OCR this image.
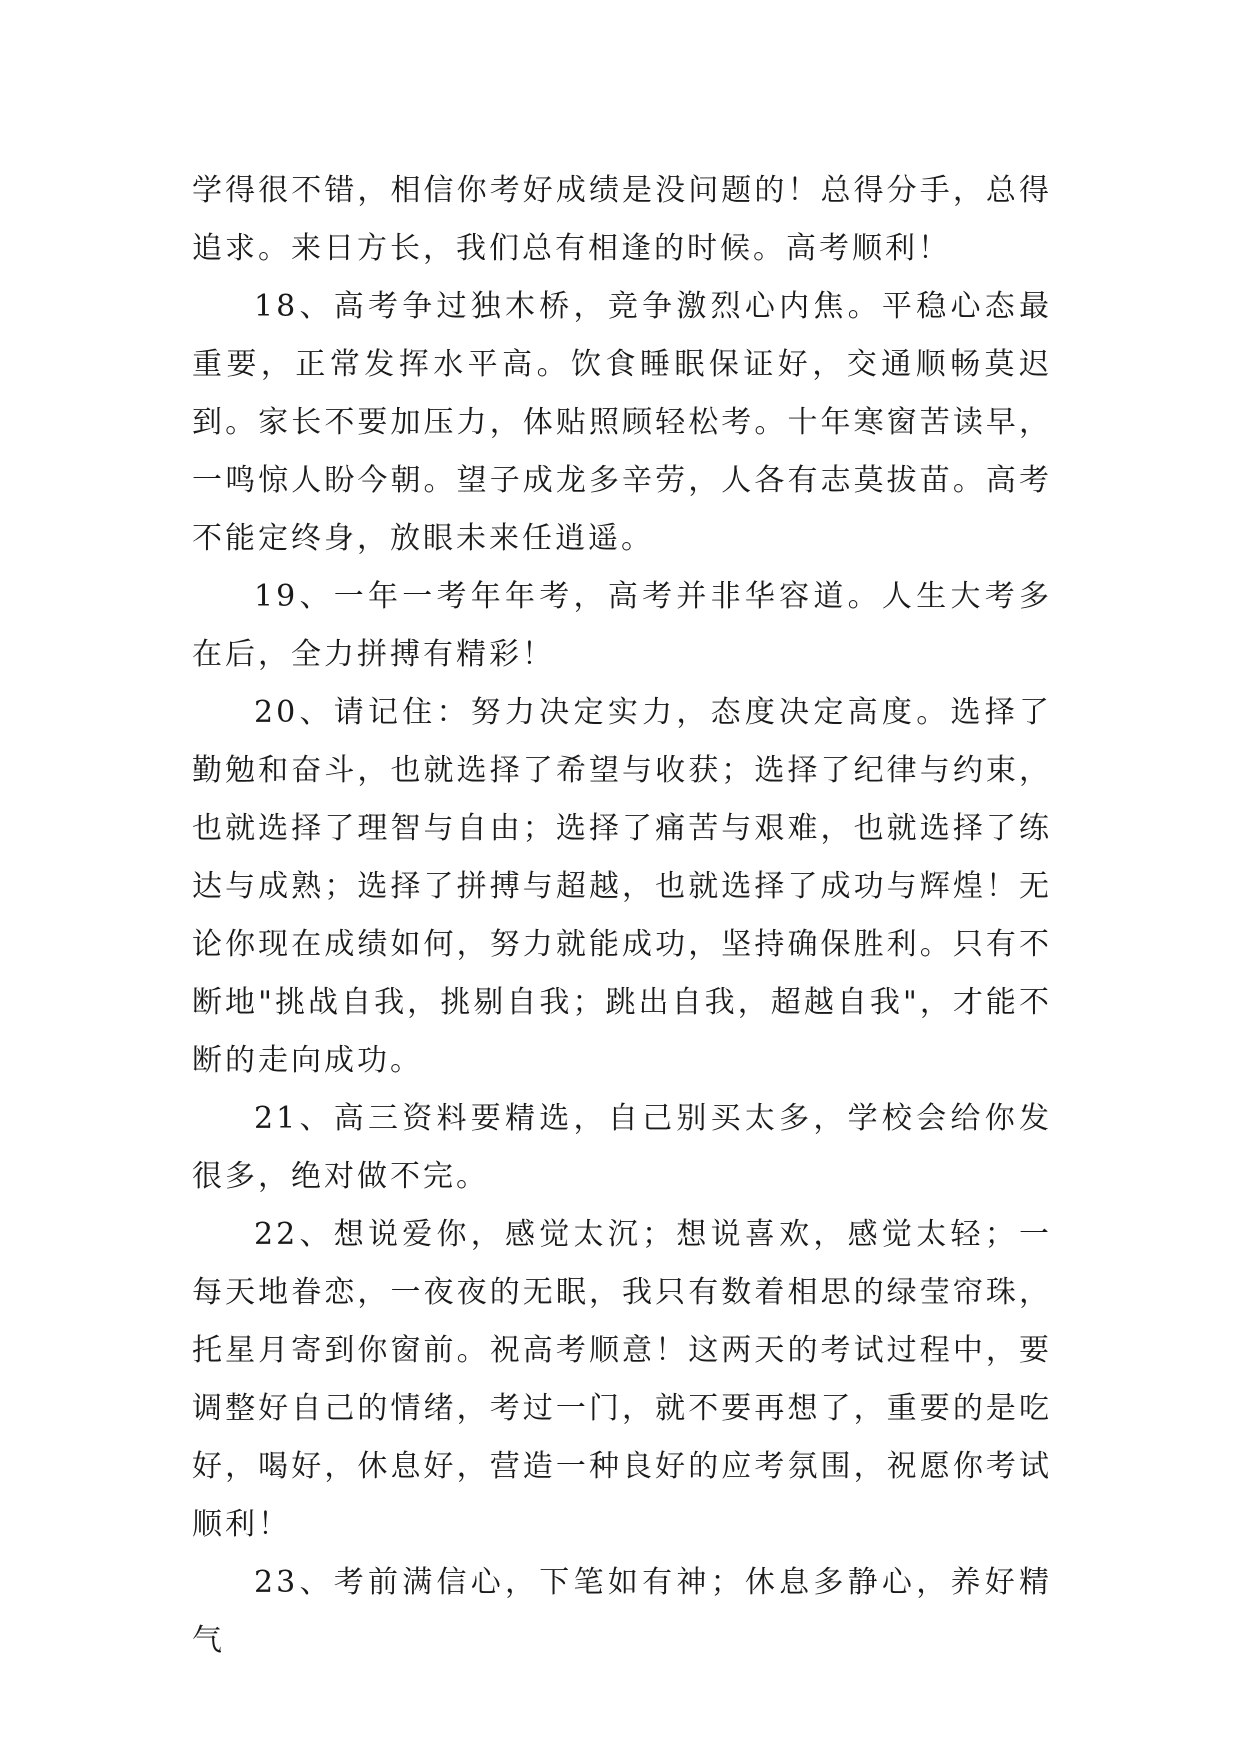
学得很不错，相信你考好成绩是没问题的！总得分手，总得追求。来日方长，我们总有相逢的时候。高考顺利！

18、高考争过独木桥，竞争激烈心内焦。平稳心态最重要，正常发挥水平高。饮食睡眠保证好，交通顺畅莫迟到。家长不要加压力，体贴照顾轻松考。十年寒窗苦读早，一鸣惊人盼今朝。望子成龙多辛劳，人各有志莫拔苗。高考不能定终身，放眼未来任逍遥。

19、一年一考年年考，高考并非华容道。人生大考多在后，全力拼搏有精彩！

20、请记住：努力决定实力，态度决定高度。选择了勤勉和奋斗，也就选择了希望与收获；选择了纪律与约束，也就选择了理智与自由；选择了痛苦与艰难，也就选择了练达与成熟；选择了拼搏与超越，也就选择了成功与辉煌！无论你现在成绩如何，努力就能成功，坚持确保胜利。只有不断地"挑战自我，挑剔自我；跳出自我，超越自我"，才能不断的走向成功。

21、高三资料要精选，自己别买太多，学校会给你发很多，绝对做不完。

22、想说爱你，感觉太沉；想说喜欢，感觉太轻；一每天地眷恋，一夜夜的无眠，我只有数着相思的绿莹帘珠，托星月寄到你窗前。祝高考顺意！这两天的考试过程中，要调整好自己的情绪，考过一门，就不要再想了，重要的是吃好，喝好，休息好，营造一种良好的应考氛围，祝愿你考试顺利！

23、考前满信心，下笔如有神；休息多静心，养好精气
